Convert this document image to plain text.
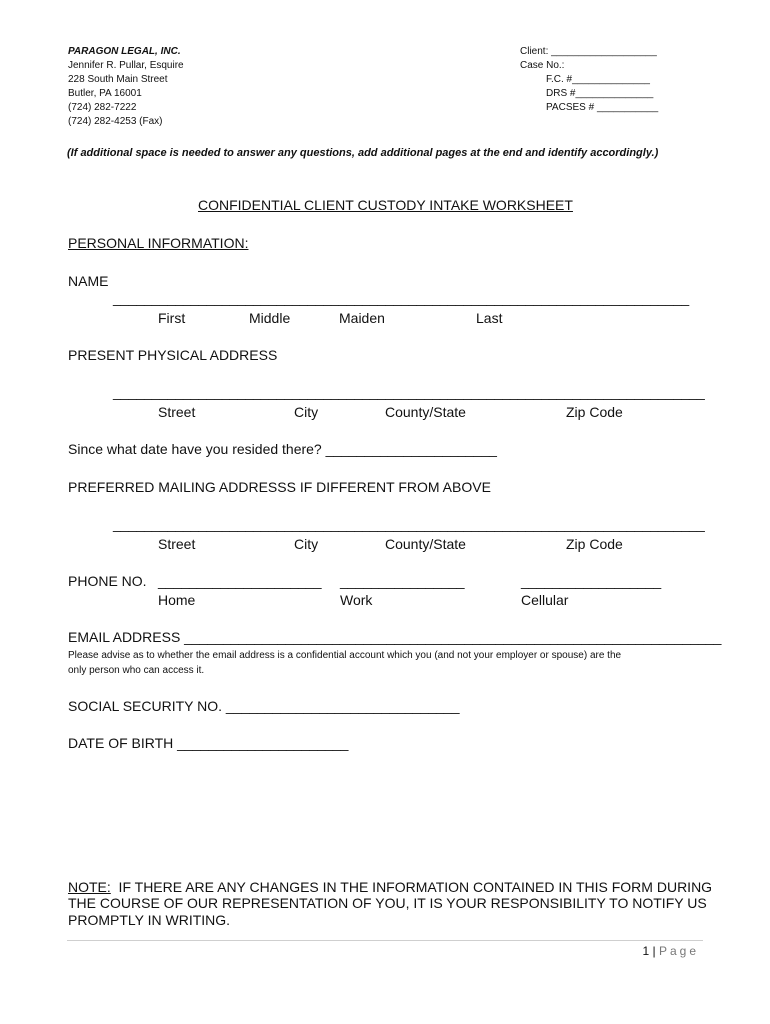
PARAGON LEGAL, INC.
Jennifer R. Pullar, Esquire
228 South Main Street
Butler, PA 16001
(724) 282-7222
(724) 282-4253 (Fax)
Client: ___________________
Case No.:
F.C. #______________
DRS #______________
PACSES # ___________
(If additional space is needed to answer any questions, add additional pages at the end and identify accordingly.)
CONFIDENTIAL CLIENT CUSTODY INTAKE WORKSHEET
PERSONAL INFORMATION:
NAME
__________________________________________________________________________
First	Middle	Maiden	Last
PRESENT PHYSICAL ADDRESS
____________________________________________________________________________
Street	City	County/State	Zip Code
Since what date have you resided there? ______________________
PREFERRED MAILING ADDRESSS IF DIFFERENT FROM ABOVE
____________________________________________________________________________
Street	City	County/State	Zip Code
PHONE NO. _____________________ ________________	__________________
Home	Work	Cellular
EMAIL ADDRESS _____________________________________________________________________
Please advise as to whether the email address is a confidential account which you (and not your employer or spouse) are the
only person who can access it.
SOCIAL SECURITY NO. ______________________________
DATE OF BIRTH ______________________
NOTE:  IF THERE ARE ANY CHANGES IN THE INFORMATION CONTAINED IN THIS FORM DURING
THE COURSE OF OUR REPRESENTATION OF YOU, IT IS YOUR RESPONSIBILITY TO NOTIFY US
PROMPTLY IN WRITING.
1 | Page
